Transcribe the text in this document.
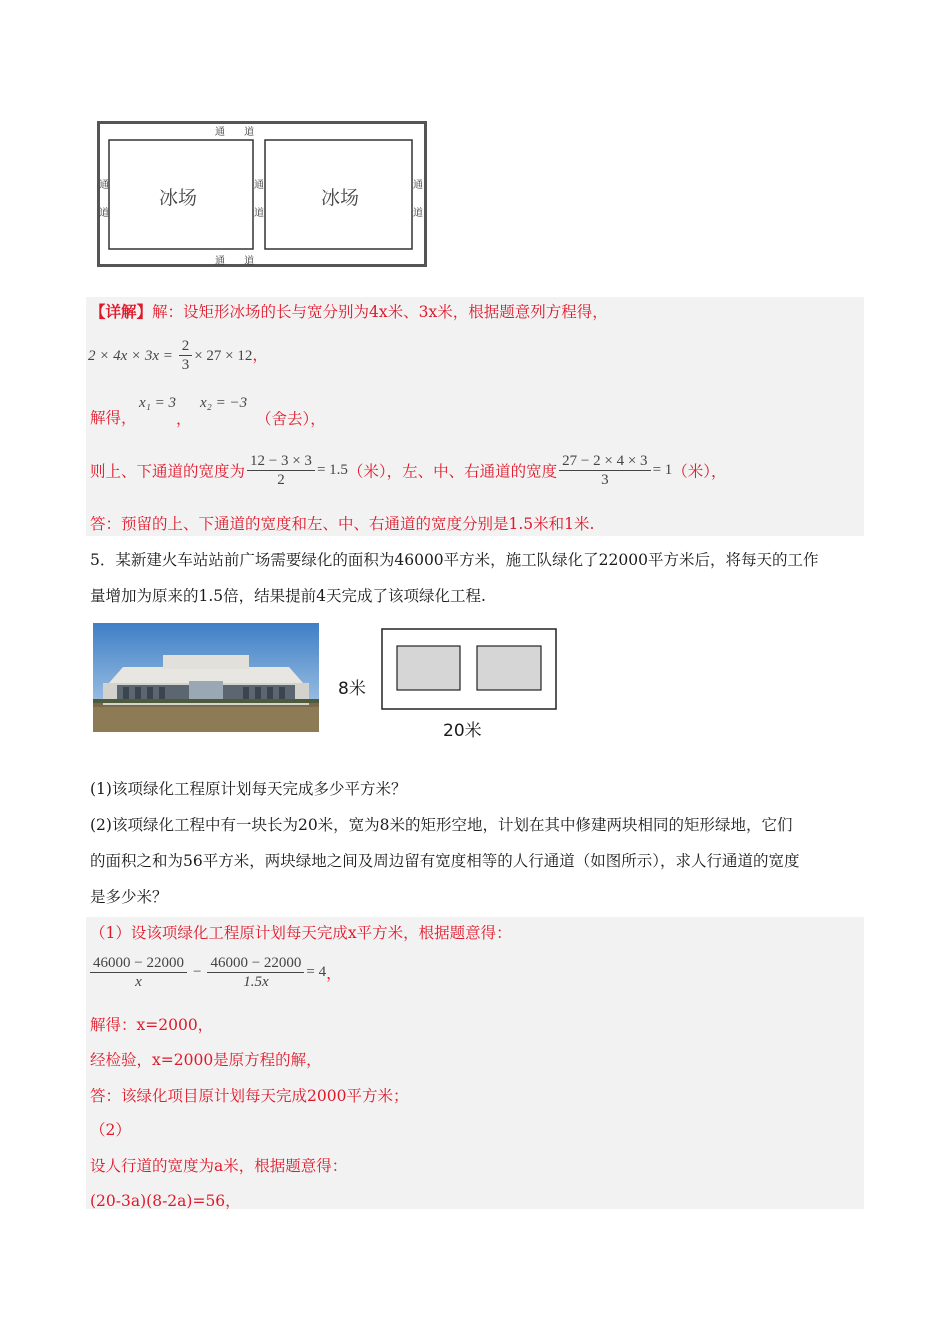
通      道
通      道
通
道
通
道
通
道
冰场	冰场
【详解】解：设矩形冰场的长与宽分别为4x米、3x米，根据题意列方程得，
$2 \times 4x \times 3x = \frac{2}{3} \times 27 \times 12$，
解得，
x₁ = 3
，
x₂ = −3
（舍去），
则上、下通道的宽度为 $\frac{12 - 3 \times 3}{2} = 1.5$（米），左、中、右通道的宽度 $\frac{27 - 2 \times 4 \times 3}{3} = 1$（米），
答：预留的上、下通道的宽度和左、中、右通道的宽度分别是1.5米和1米.
5．某新建火车站站前广场需要绿化的面积为46000平方米，施工队绿化了22000平方米后，将每天的工作
量增加为原来的1.5倍，结果提前4天完成了该项绿化工程.
8米
20米
(1)该项绿化工程原计划每天完成多少平方米？
(2)该项绿化工程中有一块长为20米，宽为8米的矩形空地，计划在其中修建两块相同的矩形绿地，它们
的面积之和为56平方米，两块绿地之间及周边留有宽度相等的人行通道（如图所示），求人行通道的宽度
是多少米？
（1）设该项绿化工程原计划每天完成x平方米，根据题意得：
$\frac{46000 - 22000}{x} - \frac{46000 - 22000}{1.5x} = 4$，
解得：x=2000，
经检验，x=2000是原方程的解，
答：该绿化项目原计划每天完成2000平方米；
（2）
设人行道的宽度为a米，根据题意得：
(20-3a)(8-2a)=56，
